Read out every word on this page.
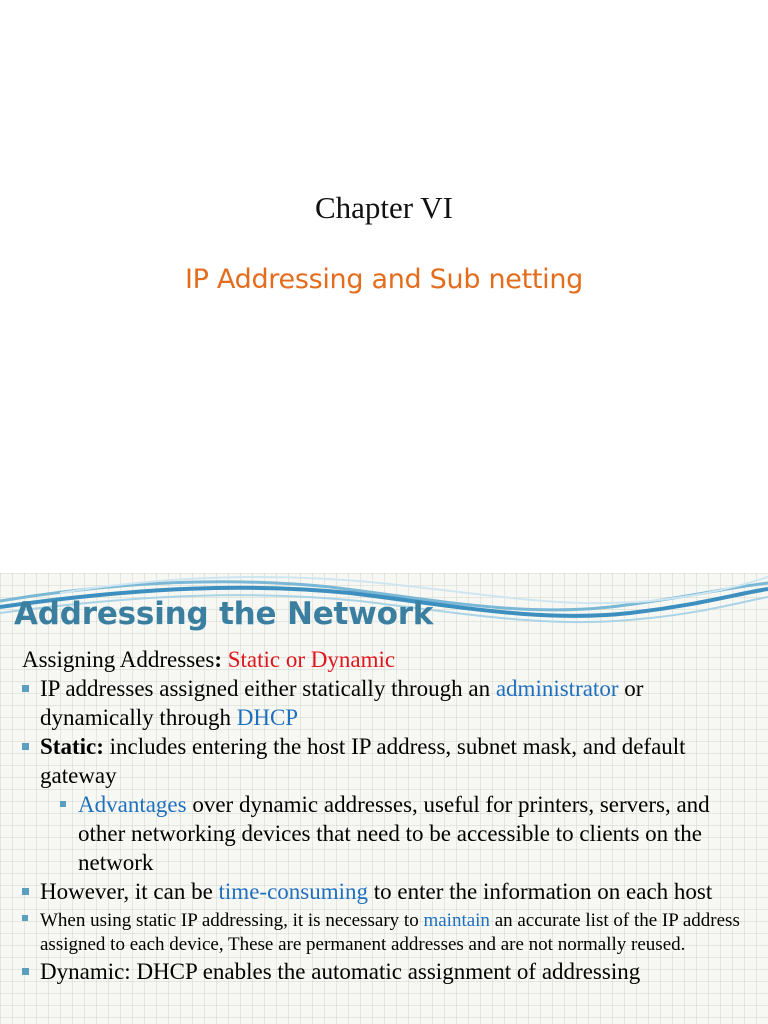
Chapter VI
IP Addressing and Sub netting
Addressing the Network
Assigning Addresses: Static or Dynamic
IP addresses assigned either statically through an administrator or dynamically through DHCP
Static: includes entering the host IP address, subnet mask, and default gateway
Advantages over dynamic addresses, useful for printers, servers, and other networking devices that need to be accessible to clients on the network
However, it can be time-consuming to enter the information on each host
When using static IP addressing, it is necessary to maintain an accurate list of the IP address assigned to each device, These are permanent addresses and are not normally reused.
Dynamic: DHCP enables the automatic assignment of addressing
